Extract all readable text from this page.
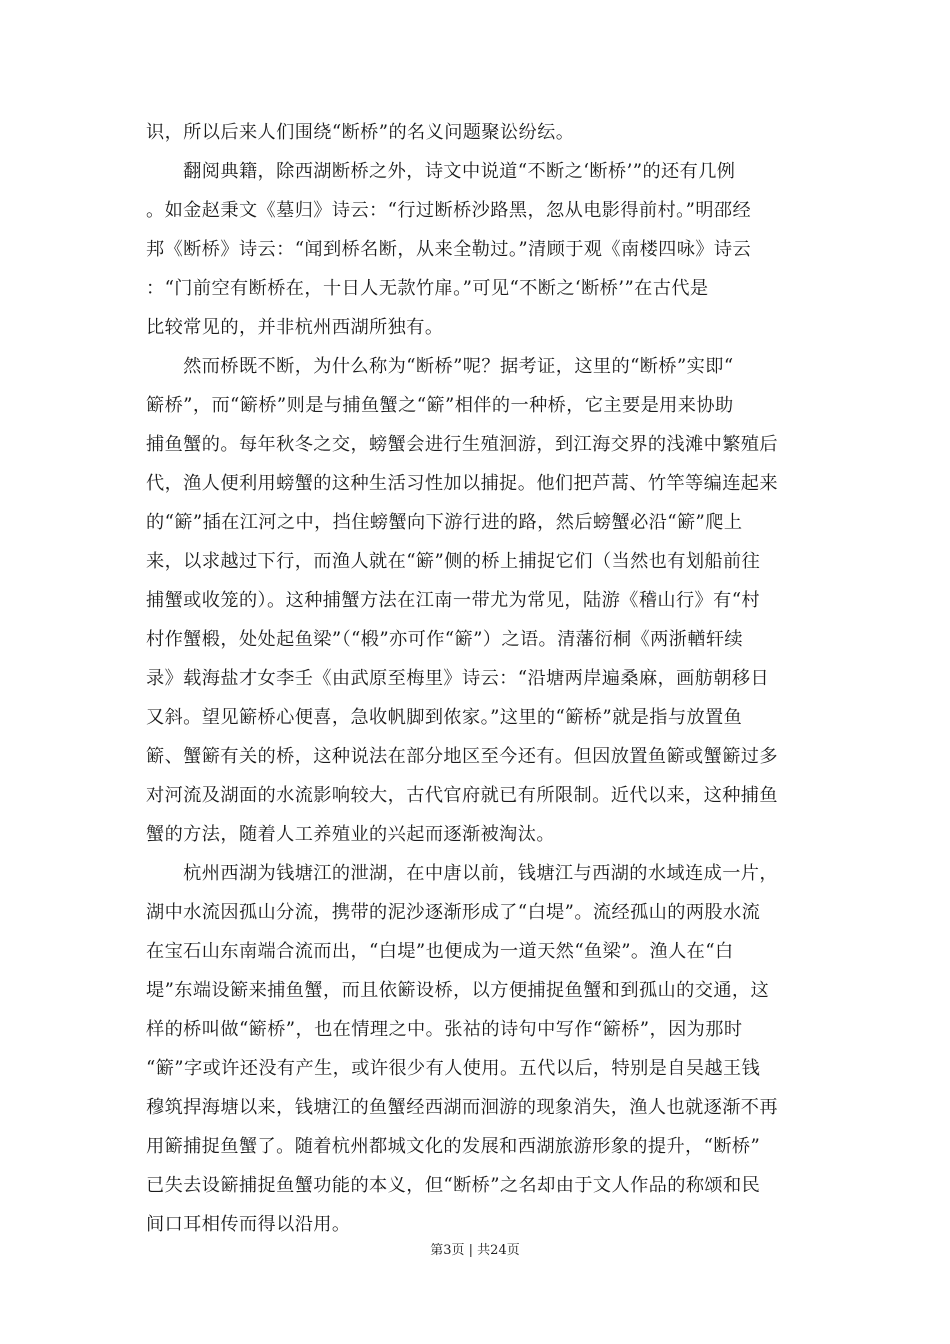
识，所以后来人们围绕“断桥”的名义问题聚讼纷纭。
　　翻阅典籍，除西湖断桥之外，诗文中说道“不断之‘断桥’”的还有几例
。如金赵秉文《墓归》诗云：“行过断桥沙路黑，忽从电影得前村。”明邵经
邦《断桥》诗云：“闻到桥名断，从来全勒过。”清顾于观《南楼四咏》诗云
：“门前空有断桥在，十日人无款竹扉。”可见“不断之‘断桥’”在古代是
比较常见的，并非杭州西湖所独有。
　　然而桥既不断，为什么称为“断桥”呢？据考证，这里的“断桥”实即“
簖桥”，而“簖桥”则是与捕鱼蟹之“簖”相伴的一种桥，它主要是用来协助
捕鱼蟹的。每年秋冬之交，螃蟹会进行生殖洄游，到江海交界的浅滩中繁殖后
代，渔人便利用螃蟹的这种生活习性加以捕捉。他们把芦蒿、竹竿等编连起来
的“簖”插在江河之中，挡住螃蟹向下游行进的路，然后螃蟹必沿“簖”爬上
来，以求越过下行，而渔人就在“簖”侧的桥上捕捉它们（当然也有划船前往
捕蟹或收笼的）。这种捕蟹方法在江南一带尤为常见，陆游《稽山行》有“村
村作蟹椴，处处起鱼梁”（“椴”亦可作“簖”）之语。清藩衍桐《两浙輶轩续
录》载海盐才女李壬《由武原至梅里》诗云：“沿塘两岸遍桑麻，画舫朝移日
又斜。望见簖桥心便喜，急收帆脚到侬家。”这里的“簖桥”就是指与放置鱼
簖、蟹簖有关的桥，这种说法在部分地区至今还有。但因放置鱼簖或蟹簖过多
对河流及湖面的水流影响较大，古代官府就已有所限制。近代以来，这种捕鱼
蟹的方法，随着人工养殖业的兴起而逐渐被淘汰。
　　杭州西湖为钱塘江的泄湖，在中唐以前，钱塘江与西湖的水域连成一片，
湖中水流因孤山分流，携带的泥沙逐渐形成了“白堤”。流经孤山的两股水流
在宝石山东南端合流而出，“白堤”也便成为一道天然“鱼梁”。渔人在“白
堤”东端设簖来捕鱼蟹，而且依簖设桥，以方便捕捉鱼蟹和到孤山的交通，这
样的桥叫做“簖桥”，也在情理之中。张祜的诗句中写作“簖桥”，因为那时
“簖”字或许还没有产生，或许很少有人使用。五代以后，特别是自吴越王钱
穆筑捍海塘以来，钱塘江的鱼蟹经西湖而洄游的现象消失，渔人也就逐渐不再
用簖捕捉鱼蟹了。随着杭州都城文化的发展和西湖旅游形象的提升，“断桥”
已失去设簖捕捉鱼蟹功能的本义，但“断桥”之名却由于文人作品的称颂和民
间口耳相传而得以沿用。
第3页 | 共24页
